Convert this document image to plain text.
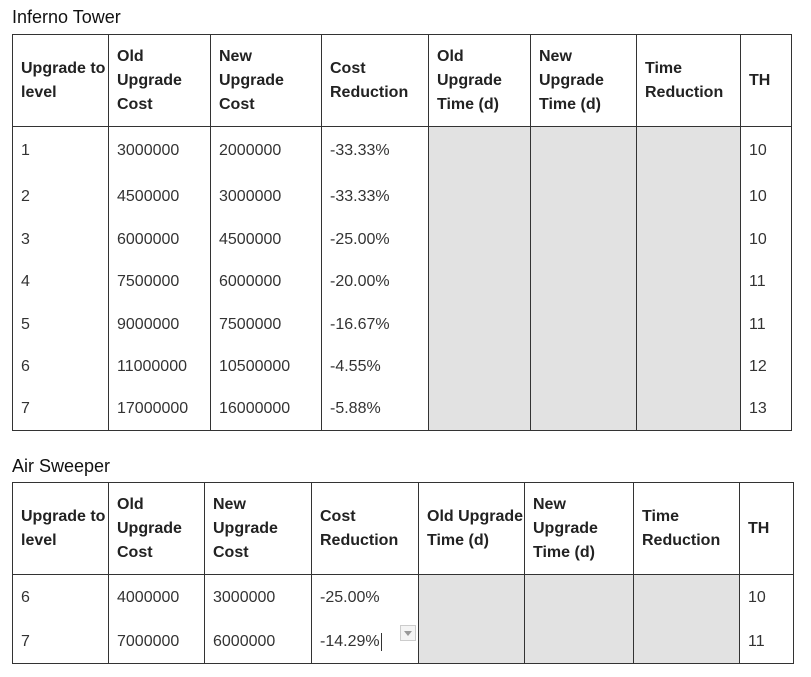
Inferno Tower
Upgrade to level	Old Upgrade Cost	New Upgrade Cost	Cost Reduction	Old Upgrade Time (d)	New Upgrade Time (d)	Time Reduction	TH
1	3000000	2000000	-33.33%				10
2	4500000	3000000	-33.33%				10
3	6000000	4500000	-25.00%				10
4	7500000	6000000	-20.00%				11
5	9000000	7500000	-16.67%				11
6	11000000	10500000	-4.55%				12
7	17000000	16000000	-5.88%				13
Air Sweeper
Upgrade to level	Old Upgrade Cost	New Upgrade Cost	Cost Reduction	Old Upgrade Time (d)	New Upgrade Time (d)	Time Reduction	TH
6	4000000	3000000	-25.00%				10
7	7000000	6000000	-14.29%				11
